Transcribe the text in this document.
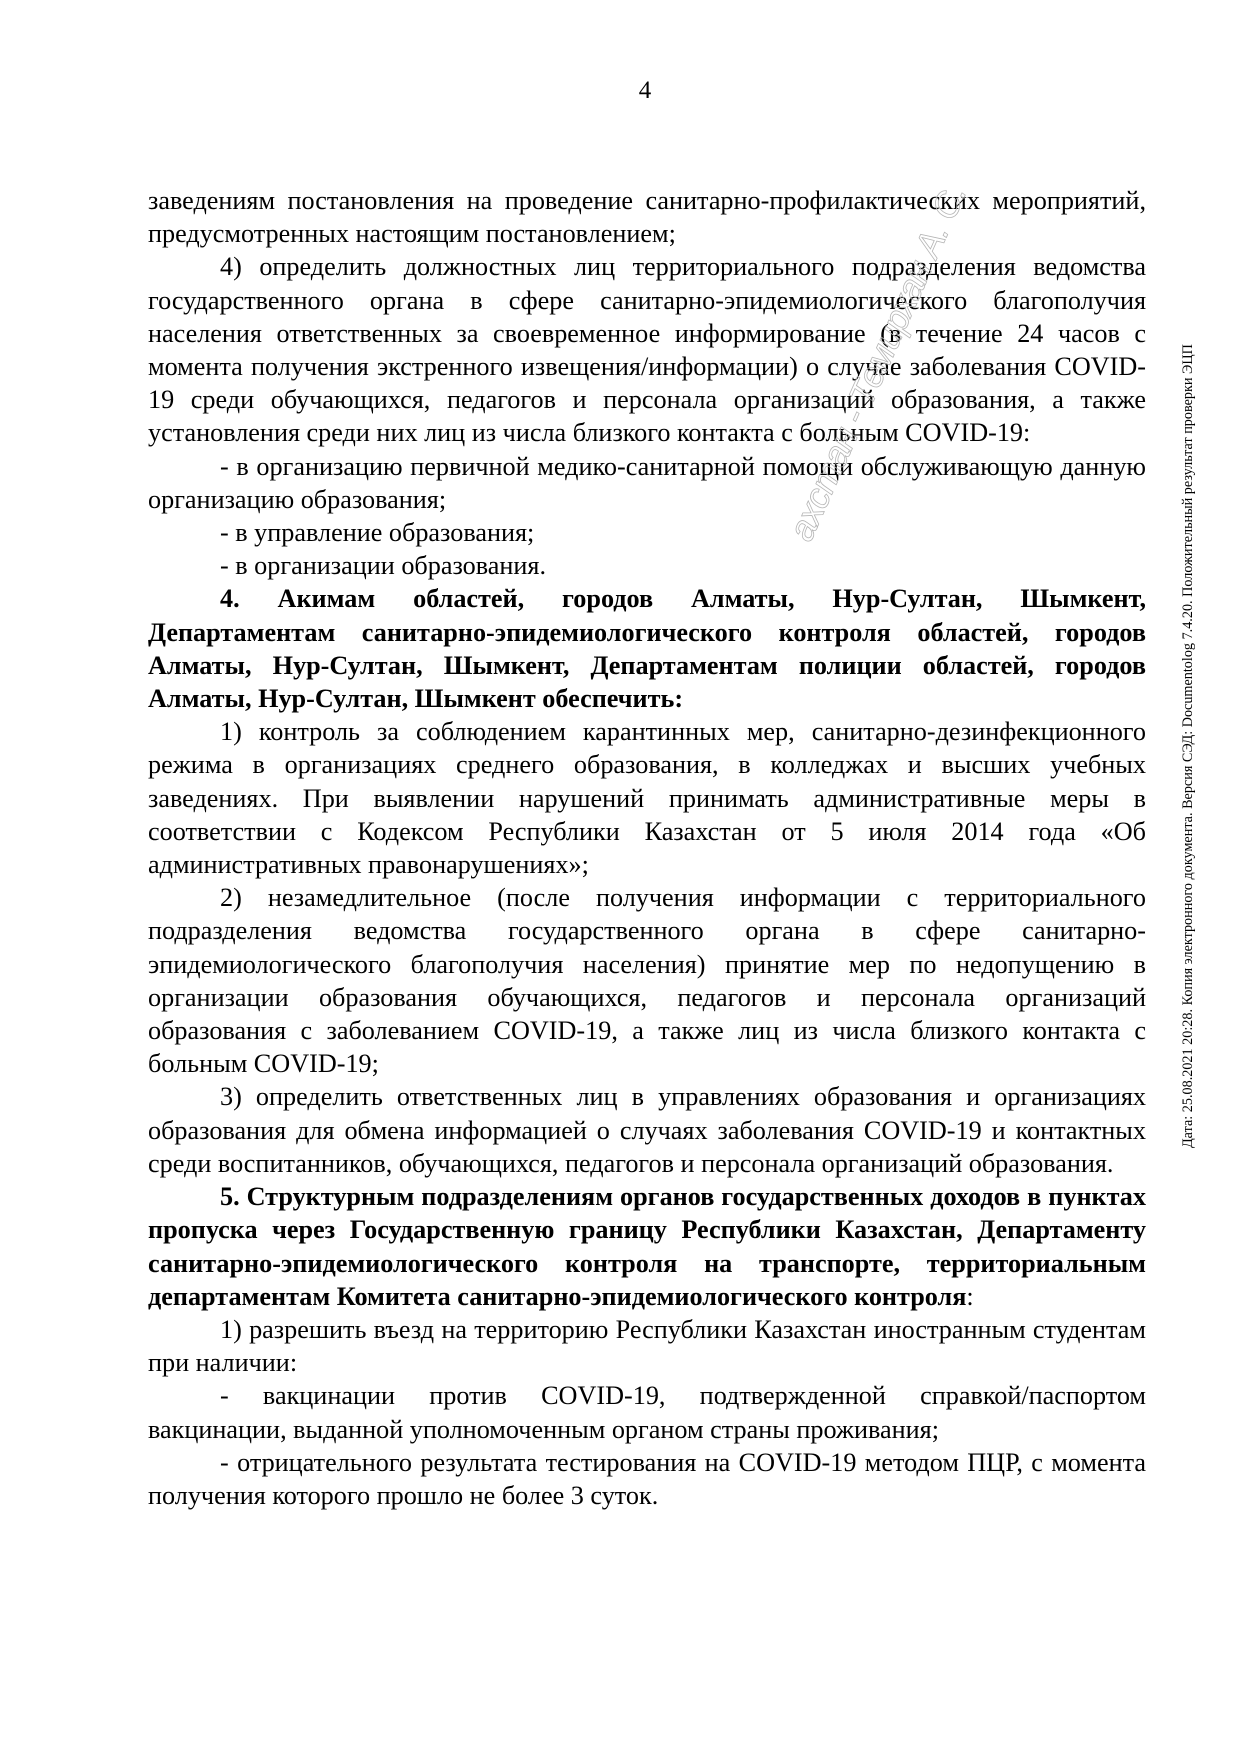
4

заведениям постановления на проведение санитарно-профилактических мероприятий, предусмотренных настоящим постановлением;

4) определить должностных лиц территориального подразделения ведомства государственного органа в сфере санитарно-эпидемиологического благополучия населения ответственных за своевременное информирование (в течение 24 часов с момента получения экстренного извещения/информации) о случае заболевания COVID-19 среди обучающихся, педагогов и персонала организаций образования, а также установления среди них лиц из числа близкого контакта с больным COVID-19:

- в организацию первичной медико-санитарной помощи обслуживающую данную организацию образования;

- в управление образования;

- в организации образования.

4. Акимам областей, городов Алматы, Нур-Султан, Шымкент, Департаментам санитарно-эпидемиологического контроля областей, городов Алматы, Нур-Султан, Шымкент, Департаментам полиции областей, городов Алматы, Нур-Султан, Шымкент обеспечить:

1) контроль за соблюдением карантинных мер, санитарно-дезинфекционного режима в организациях среднего образования, в колледжах и высших учебных заведениях. При выявлении нарушений принимать административные меры в соответствии с Кодексом Республики Казахстан от 5 июля 2014 года «Об административных правонарушениях»;

2) незамедлительное (после получения информации с территориального подразделения ведомства государственного органа в сфере санитарно-эпидемиологического благополучия населения) принятие мер по недопущению в организации образования обучающихся, педагогов и персонала организаций образования с заболеванием COVID-19, а также лиц из числа близкого контакта с больным COVID-19;

3) определить ответственных лиц в управлениях образования и организациях образования для обмена информацией о случаях заболевания COVID-19 и контактных среди воспитанников, обучающихся, педагогов и персонала организаций образования.

5. Структурным подразделениям органов государственных доходов в пунктах пропуска через Государственную границу Республики Казахстан, Департаменту санитарно-эпидемиологического контроля на транспорте, территориальным департаментам Комитета санитарно-эпидемиологического контроля:

1) разрешить въезд на территорию Республики Казахстан иностранным студентам при наличии:

- вакцинации против COVID-19, подтвержденной справкой/паспортом вакцинации, выданной уполномоченным органом страны проживания;

- отрицательного результата тестирования на COVID-19 методом ПЦР, с момента получения которого прошло не более 3 суток.

ахстан - Темирхан А. С.	Дата: 25.08.2021 20:28. Копия электронного документа. Версия СЭД: Documentolog 7.4.20. Положительный результат проверки ЭЦП
